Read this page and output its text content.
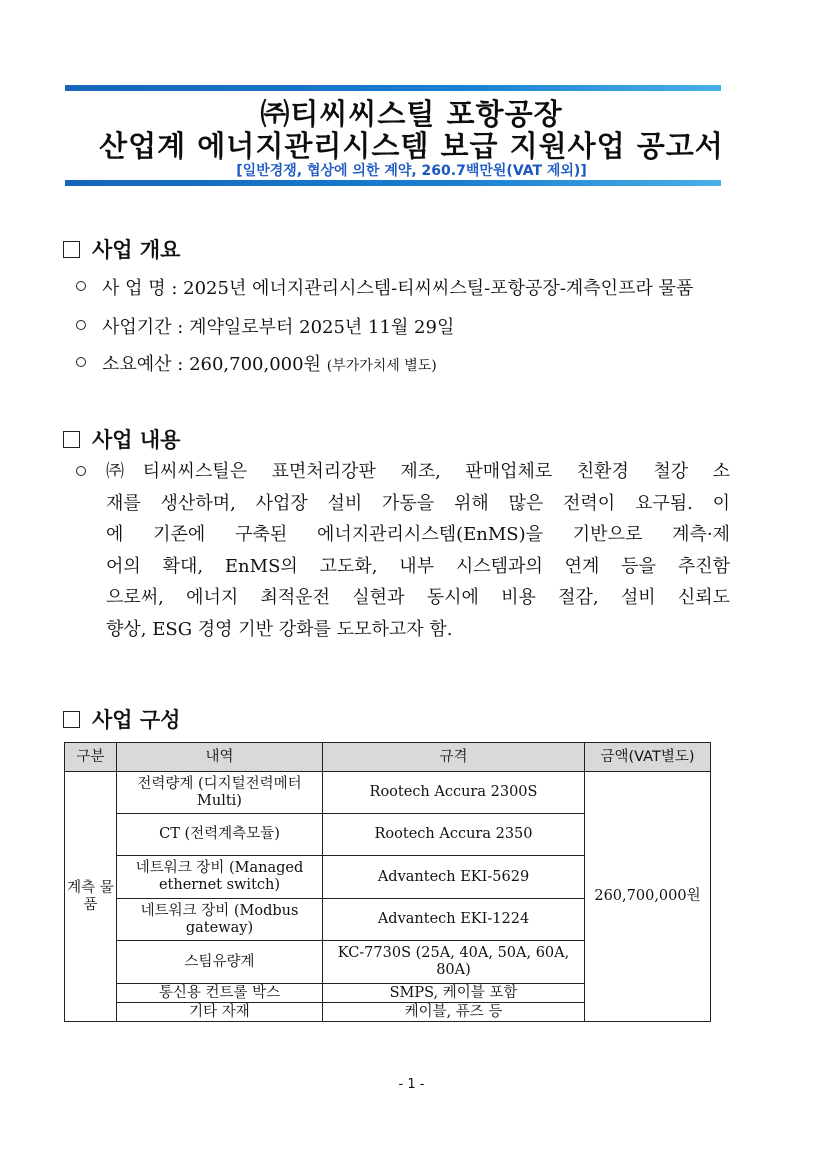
㈜티씨씨스틸 포항공장
산업계 에너지관리시스템 보급 지원사업 공고서
[일반경쟁, 협상에 의한 계약, 260.7백만원(VAT 제외)]
사업 개요
사 업 명 : 2025년 에너지관리시스템-티씨씨스틸-포항공장-계측인프라 물품
사업기간 : 계약일로부터 2025년 11월 29일
소요예산 : 260,700,000원 (부가가치세 별도)
사업 내용
㈜티씨씨스틸은 표면처리강판 제조, 판매업체로 친환경 철강 소
재를 생산하며, 사업장 설비 가동을 위해 많은 전력이 요구됨. 이
에 기존에 구축된 에너지관리시스템(EnMS)을 기반으로 계측·제
어의 확대, EnMS의 고도화, 내부 시스템과의 연계 등을 추진함
으로써, 에너지 최적운전 실현과 동시에 비용 절감, 설비 신뢰도
향상, ESG 경영 기반 강화를 도모하고자 함.
사업 구성
구분	내역	규격	금액(VAT별도)
계측 물품	전력량계 (디지털전력메터 Multi)	Rootech Accura 2300S	260,700,000원
	CT (전력계측모듈)	Rootech Accura 2350	
	네트워크 장비 (Managed ethernet switch)	Advantech EKI-5629	
	네트워크 장비 (Modbus gateway)	Advantech EKI-1224	
	스팀유량계	KC-7730S (25A, 40A, 50A, 60A, 80A)	
	통신용 컨트롤 박스	SMPS, 케이블 포함	
	기타 자재	케이블, 퓨즈 등	
- 1 -
